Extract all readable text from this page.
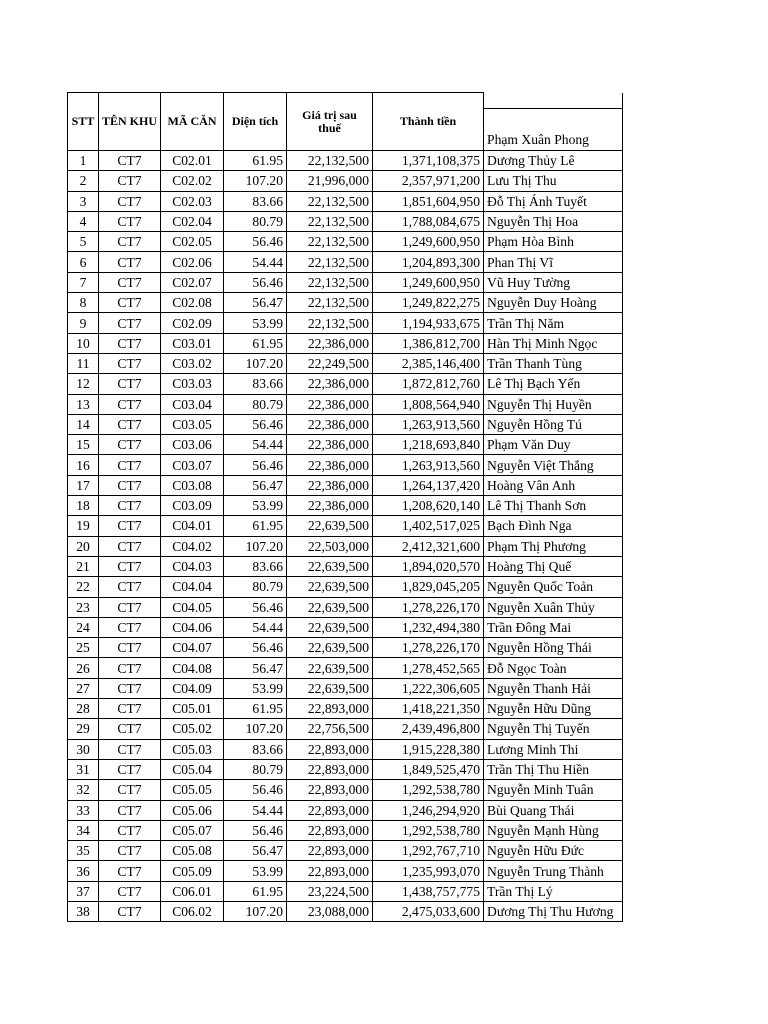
STT	TÊN KHU	MÃ CĂN	Diện tích	Giá trị sau thuế	Thành tiền	Phạm Xuân Phong
1	CT7	C02.01	61.95	22,132,500	1,371,108,375	Dương Thủy Lê
2	CT7	C02.02	107.20	21,996,000	2,357,971,200	Lưu Thị Thu
3	CT7	C02.03	83.66	22,132,500	1,851,604,950	Đỗ Thị Ánh Tuyết
4	CT7	C02.04	80.79	22,132,500	1,788,084,675	Nguyễn Thị Hoa
5	CT7	C02.05	56.46	22,132,500	1,249,600,950	Phạm Hòa Bình
6	CT7	C02.06	54.44	22,132,500	1,204,893,300	Phan Thị Vĩ
7	CT7	C02.07	56.46	22,132,500	1,249,600,950	Vũ Huy Tường
8	CT7	C02.08	56.47	22,132,500	1,249,822,275	Nguyễn Duy Hoàng
9	CT7	C02.09	53.99	22,132,500	1,194,933,675	Trần Thị Năm
10	CT7	C03.01	61.95	22,386,000	1,386,812,700	Hàn Thị Minh Ngọc
11	CT7	C03.02	107.20	22,249,500	2,385,146,400	Trần Thanh Tùng
12	CT7	C03.03	83.66	22,386,000	1,872,812,760	Lê Thị Bạch Yến
13	CT7	C03.04	80.79	22,386,000	1,808,564,940	Nguyễn Thị Huyền
14	CT7	C03.05	56.46	22,386,000	1,263,913,560	Nguyễn Hồng Tú
15	CT7	C03.06	54.44	22,386,000	1,218,693,840	Phạm Văn Duy
16	CT7	C03.07	56.46	22,386,000	1,263,913,560	Nguyễn Việt Thắng
17	CT7	C03.08	56.47	22,386,000	1,264,137,420	Hoàng Vân Anh
18	CT7	C03.09	53.99	22,386,000	1,208,620,140	Lê Thị Thanh Sơn
19	CT7	C04.01	61.95	22,639,500	1,402,517,025	Bạch Đình Nga
20	CT7	C04.02	107.20	22,503,000	2,412,321,600	Phạm Thị Phương
21	CT7	C04.03	83.66	22,639,500	1,894,020,570	Hoàng Thị Quế
22	CT7	C04.04	80.79	22,639,500	1,829,045,205	Nguyễn Quốc Toản
23	CT7	C04.05	56.46	22,639,500	1,278,226,170	Nguyễn Xuân Thủy
24	CT7	C04.06	54.44	22,639,500	1,232,494,380	Trần Đông Mai
25	CT7	C04.07	56.46	22,639,500	1,278,226,170	Nguyễn Hồng Thái
26	CT7	C04.08	56.47	22,639,500	1,278,452,565	Đỗ Ngọc Toàn
27	CT7	C04.09	53.99	22,639,500	1,222,306,605	Nguyễn Thanh Hải
28	CT7	C05.01	61.95	22,893,000	1,418,221,350	Nguyễn Hữu Dũng
29	CT7	C05.02	107.20	22,756,500	2,439,496,800	Nguyễn Thị Tuyến
30	CT7	C05.03	83.66	22,893,000	1,915,228,380	Lương Minh Thi
31	CT7	C05.04	80.79	22,893,000	1,849,525,470	Trần Thị Thu Hiền
32	CT7	C05.05	56.46	22,893,000	1,292,538,780	Nguyễn Minh Tuân
33	CT7	C05.06	54.44	22,893,000	1,246,294,920	Bùi Quang Thái
34	CT7	C05.07	56.46	22,893,000	1,292,538,780	Nguyễn Mạnh Hùng
35	CT7	C05.08	56.47	22,893,000	1,292,767,710	Nguyễn Hữu Đức
36	CT7	C05.09	53.99	22,893,000	1,235,993,070	Nguyễn Trung Thành
37	CT7	C06.01	61.95	23,224,500	1,438,757,775	Trần Thị Lý
38	CT7	C06.02	107.20	23,088,000	2,475,033,600	Dương Thị Thu Hương
